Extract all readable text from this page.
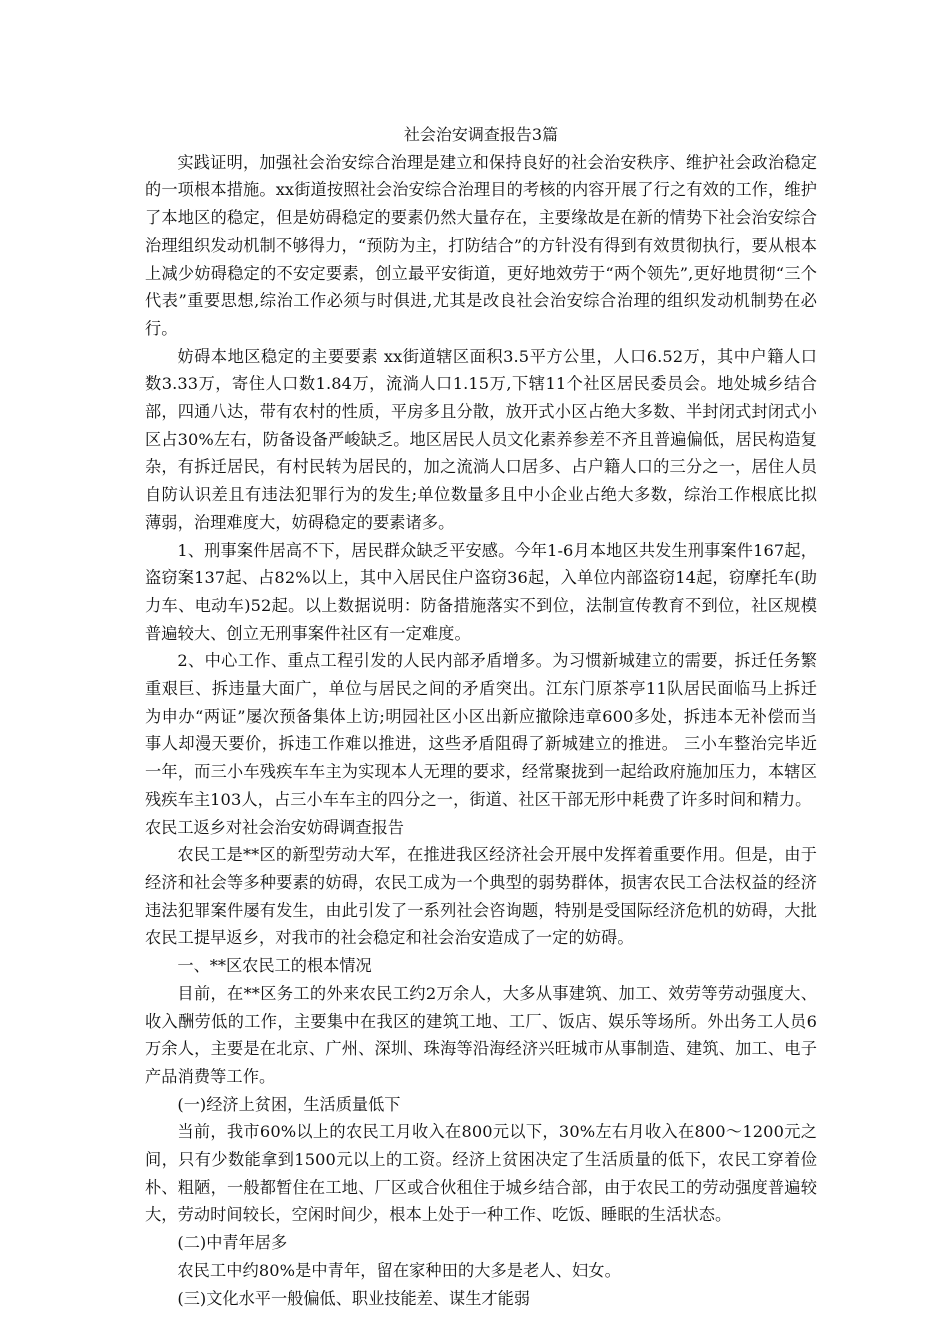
社会治安调查报告3篇

实践证明，加强社会治安综合治理是建立和保持良好的社会治安秩序、维护社会政治稳定的一项根本措施。xx街道按照社会治安综合治理目的考核的内容开展了行之有效的工作，维护了本地区的稳定，但是妨碍稳定的要素仍然大量存在，主要缘故是在新的情势下社会治安综合治理组织发动机制不够得力，“预防为主，打防结合”的方针没有得到有效贯彻执行，要从根本上减少妨碍稳定的不安定要素，创立最平安街道，更好地效劳于“两个领先”,更好地贯彻“三个代表”重要思想,综治工作必须与时俱进,尤其是改良社会治安综合治理的组织发动机制势在必行。

妨碍本地区稳定的主要要素 xx街道辖区面积3.5平方公里，人口6.52万，其中户籍人口数3.33万，寄住人口数1.84万，流淌人口1.15万,下辖11个社区居民委员会。地处城乡结合部，四通八达，带有农村的性质，平房多且分散，放开式小区占绝大多数、半封闭式封闭式小区占30%左右，防备设备严峻缺乏。地区居民人员文化素养参差不齐且普遍偏低，居民构造复杂，有拆迁居民，有村民转为居民的，加之流淌人口居多、占户籍人口的三分之一，居住人员自防认识差且有违法犯罪行为的发生;单位数量多且中小企业占绝大多数，综治工作根底比拟薄弱，治理难度大，妨碍稳定的要素诸多。

1、刑事案件居高不下，居民群众缺乏平安感。今年1-6月本地区共发生刑事案件167起，盗窃案137起、占82%以上，其中入居民住户盗窃36起，入单位内部盗窃14起，窃摩托车(助力车、电动车)52起。以上数据说明：防备措施落实不到位，法制宣传教育不到位，社区规模普遍较大、创立无刑事案件社区有一定难度。

2、中心工作、重点工程引发的人民内部矛盾增多。为习惯新城建立的需要，拆迁任务繁重艰巨、拆违量大面广，单位与居民之间的矛盾突出。江东门原茶亭11队居民面临马上拆迁为申办“两证”屡次预备集体上访;明园社区小区出新应撤除违章600多处，拆违本无补偿而当事人却漫天要价，拆违工作难以推进，这些矛盾阻碍了新城建立的推进。 三小车整治完毕近一年，而三小车残疾车车主为实现本人无理的要求，经常聚拢到一起给政府施加压力，本辖区残疾车主103人，占三小车车主的四分之一，街道、社区干部无形中耗费了许多时间和精力。

农民工返乡对社会治安妨碍调查报告

农民工是**区的新型劳动大军，在推进我区经济社会开展中发挥着重要作用。但是，由于经济和社会等多种要素的妨碍，农民工成为一个典型的弱势群体，损害农民工合法权益的经济违法犯罪案件屡有发生，由此引发了一系列社会咨询题，特别是受国际经济危机的妨碍，大批农民工提早返乡，对我市的社会稳定和社会治安造成了一定的妨碍。

一、**区农民工的根本情况

目前，在**区务工的外来农民工约2万余人，大多从事建筑、加工、效劳等劳动强度大、收入酬劳低的工作，主要集中在我区的建筑工地、工厂、饭店、娱乐等场所。外出务工人员6万余人，主要是在北京、广州、深圳、珠海等沿海经济兴旺城市从事制造、建筑、加工、电子产品消费等工作。

(一)经济上贫困，生活质量低下

当前，我市60%以上的农民工月收入在800元以下，30%左右月收入在800～1200元之间，只有少数能拿到1500元以上的工资。经济上贫困决定了生活质量的低下，农民工穿着俭朴、粗陋，一般都暂住在工地、厂区或合伙租住于城乡结合部，由于农民工的劳动强度普遍较大，劳动时间较长，空闲时间少，根本上处于一种工作、吃饭、睡眠的生活状态。

(二)中青年居多

农民工中约80%是中青年，留在家种田的大多是老人、妇女。

(三)文化水平一般偏低、职业技能差、谋生才能弱
